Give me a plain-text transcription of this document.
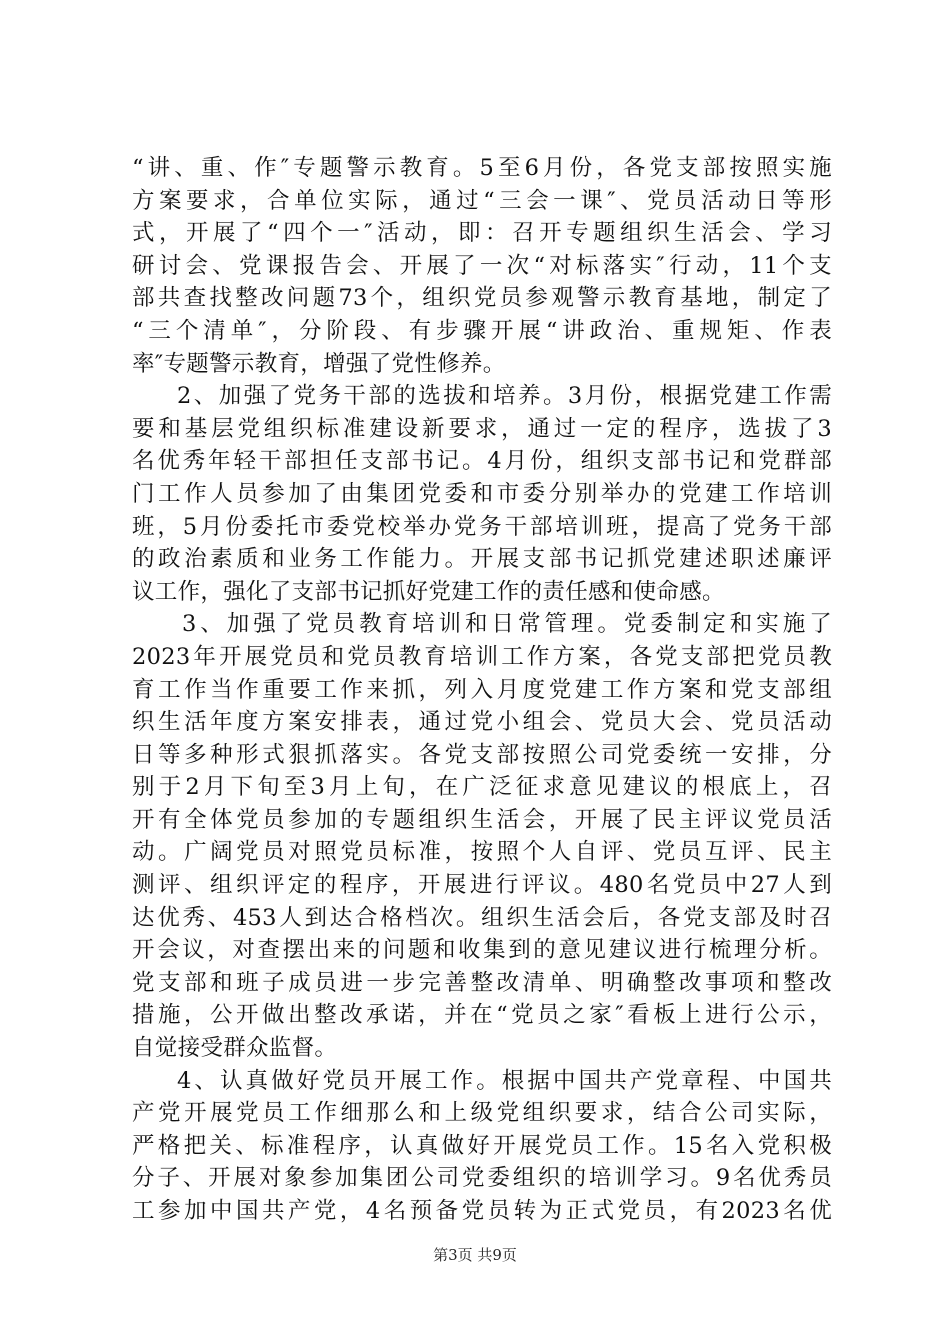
“讲、重、作″专题警示教育。5至6月份，各党支部按照实施
方案要求，合单位实际，通过“三会一课″、党员活动日等形
式，开展了“四个一″活动，即：召开专题组织生活会、学习
研讨会、党课报告会、开展了一次“对标落实″行动，11个支
部共查找整改问题73个，组织党员参观警示教育基地，制定了
“三个清单″，分阶段、有步骤开展“讲政治、重规矩、作表
率″专题警示教育，增强了党性修养。
2、加强了党务干部的选拔和培养。3月份，根据党建工作需
要和基层党组织标准建设新要求，通过一定的程序，选拔了3
名优秀年轻干部担任支部书记。4月份，组织支部书记和党群部
门工作人员参加了由集团党委和市委分别举办的党建工作培训
班，5月份委托市委党校举办党务干部培训班，提高了党务干部
的政治素质和业务工作能力。开展支部书记抓党建述职述廉评
议工作，强化了支部书记抓好党建工作的责任感和使命感。
3、加强了党员教育培训和日常管理。党委制定和实施了
2023年开展党员和党员教育培训工作方案，各党支部把党员教
育工作当作重要工作来抓，列入月度党建工作方案和党支部组
织生活年度方案安排表，通过党小组会、党员大会、党员活动
日等多种形式狠抓落实。各党支部按照公司党委统一安排，分
别于2月下旬至3月上旬，在广泛征求意见建议的根底上，召
开有全体党员参加的专题组织生活会，开展了民主评议党员活
动。广阔党员对照党员标准，按照个人自评、党员互评、民主
测评、组织评定的程序，开展进行评议。480名党员中27人到
达优秀、453人到达合格档次。组织生活会后，各党支部及时召
开会议，对查摆出来的问题和收集到的意见建议进行梳理分析。
党支部和班子成员进一步完善整改清单、明确整改事项和整改
措施，公开做出整改承诺，并在“党员之家″看板上进行公示，
自觉接受群众监督。
4、认真做好党员开展工作。根据中国共产党章程、中国共
产党开展党员工作细那么和上级党组织要求，结合公司实际，
严格把关、标准程序，认真做好开展党员工作。15名入党积极
分子、开展对象参加集团公司党委组织的培训学习。9名优秀员
工参加中国共产党，4名预备党员转为正式党员，有2023名优
第3页 共9页
